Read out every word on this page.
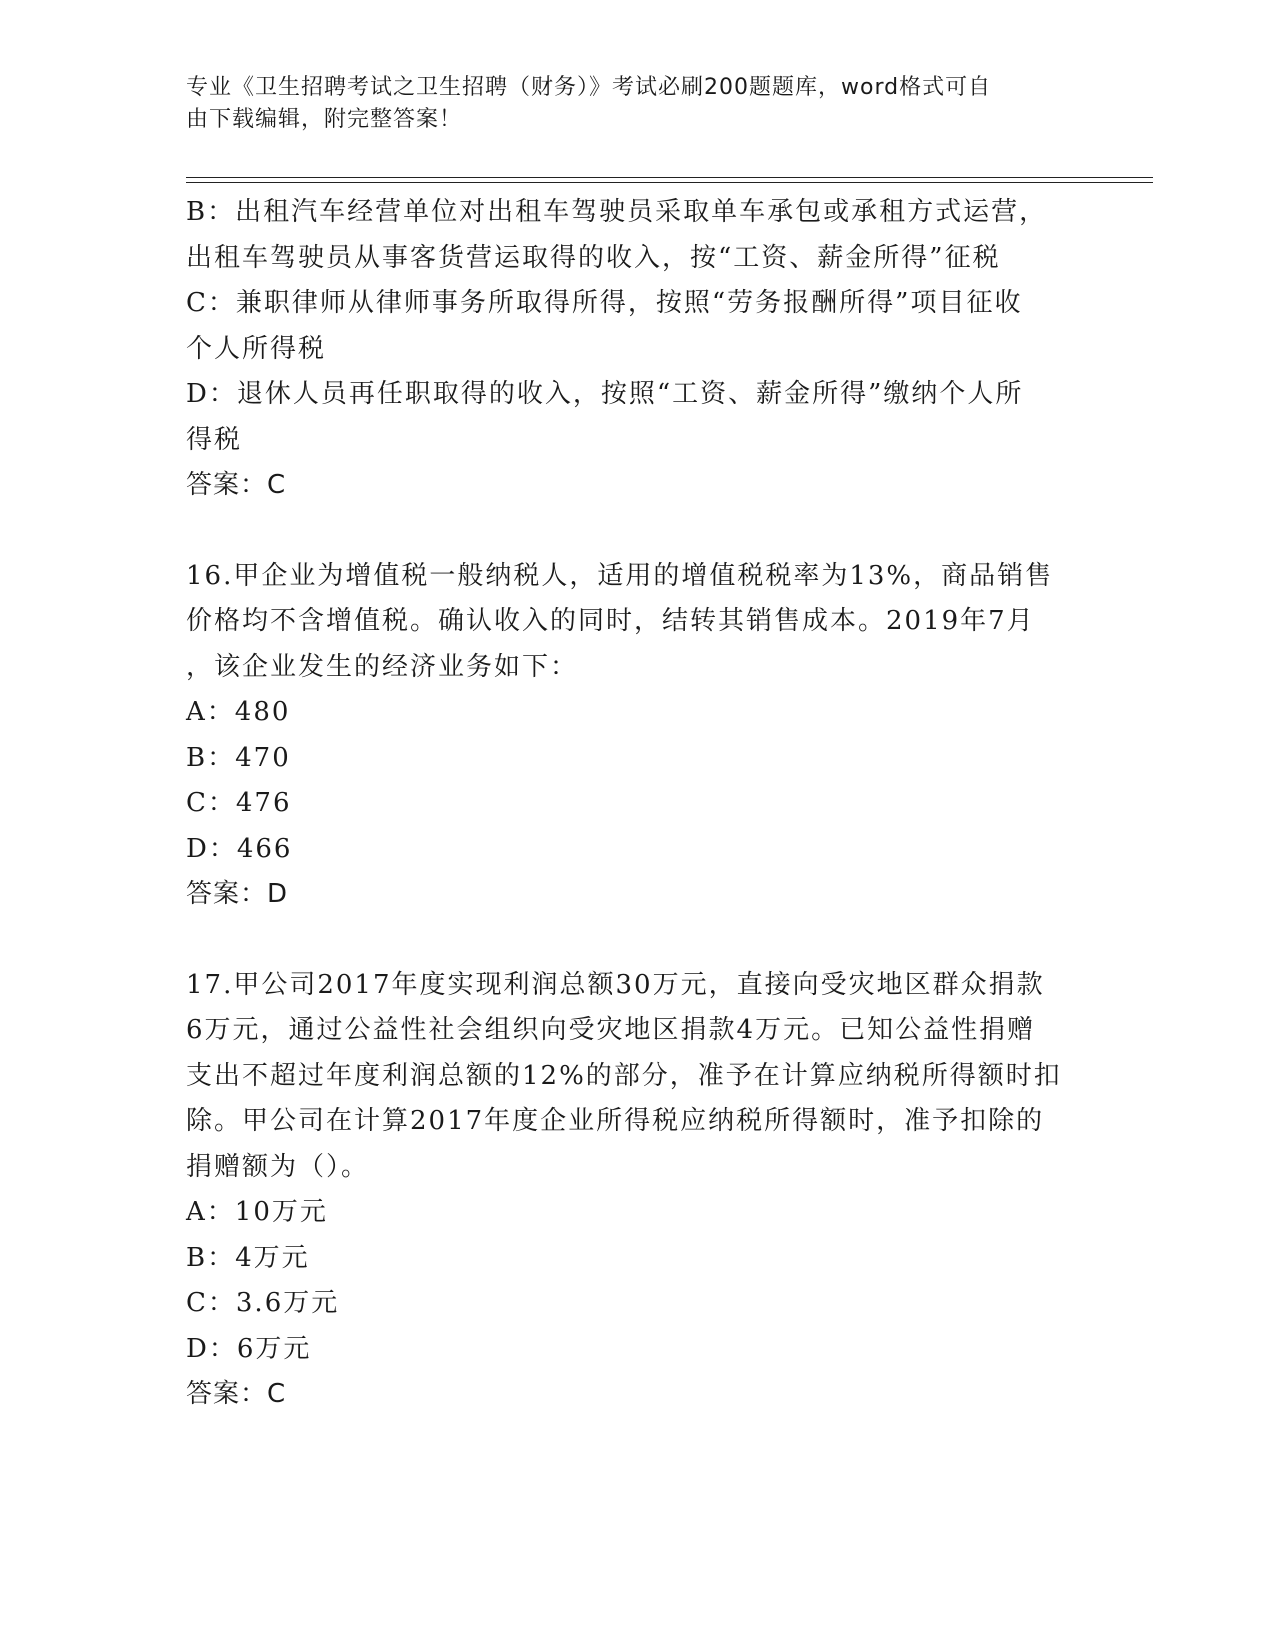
专业《卫生招聘考试之卫生招聘（财务）》考试必刷200题题库，word格式可自
由下载编辑，附完整答案！
B：出租汽车经营单位对出租车驾驶员采取单车承包或承租方式运营，
出租车驾驶员从事客货营运取得的收入，按“工资、薪金所得”征税
C：兼职律师从律师事务所取得所得，按照“劳务报酬所得”项目征收
个人所得税
D：退休人员再任职取得的收入，按照“工资、薪金所得”缴纳个人所
得税
答案：C
16.甲企业为增值税一般纳税人，适用的增值税税率为13%，商品销售
价格均不含增值税。确认收入的同时，结转其销售成本。2019年7月
，该企业发生的经济业务如下：
A：480
B：470
C：476
D：466
答案：D
17.甲公司2017年度实现利润总额30万元，直接向受灾地区群众捐款
6万元，通过公益性社会组织向受灾地区捐款4万元。已知公益性捐赠
支出不超过年度利润总额的12%的部分，准予在计算应纳税所得额时扣
除。甲公司在计算2017年度企业所得税应纳税所得额时，准予扣除的
捐赠额为（）。
A：10万元
B：4万元
C：3.6万元
D：6万元
答案：C
